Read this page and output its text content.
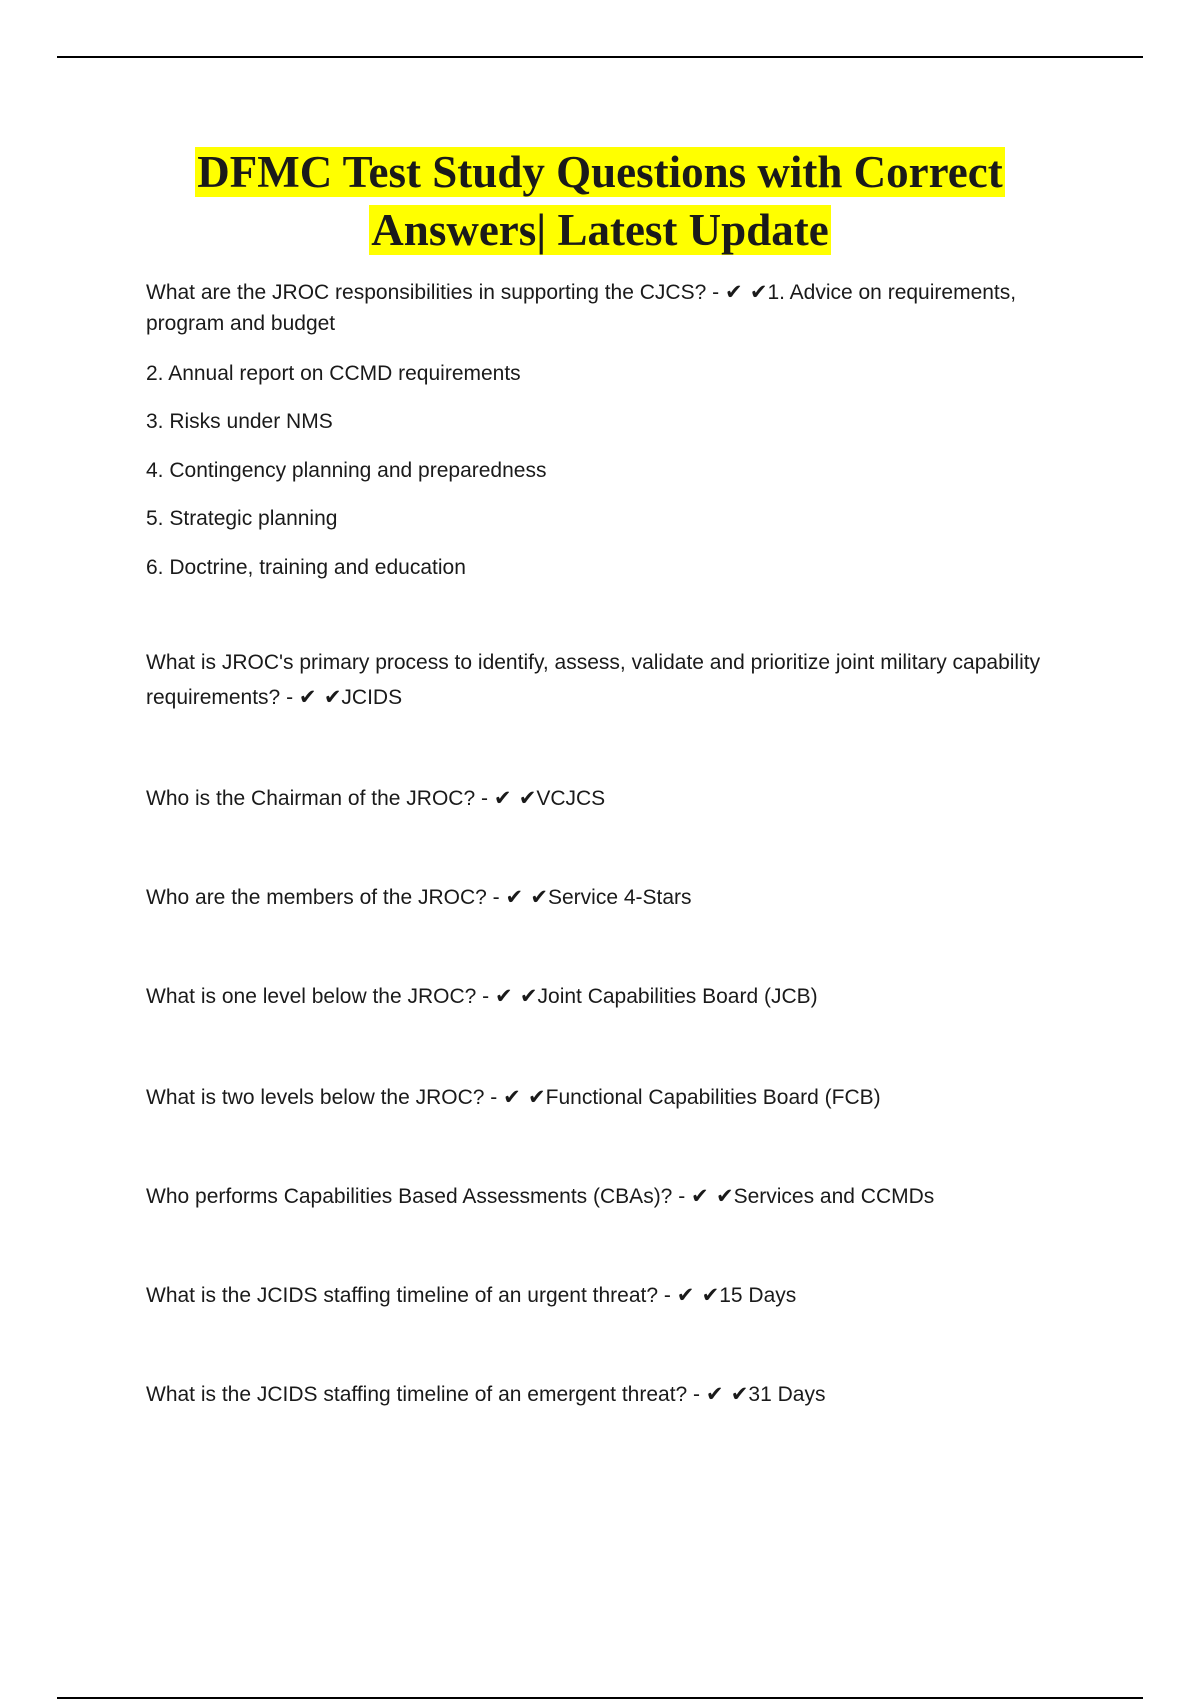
DFMC Test Study Questions with Correct
Answers| Latest Update

What are the JROC responsibilities in supporting the CJCS? - ✔ ✔1. Advice on requirements, program and budget

2. Annual report on CCMD requirements
3. Risks under NMS
4. Contingency planning and preparedness
5. Strategic planning
6. Doctrine, training and education
What is JROC's primary process to identify, assess, validate and prioritize joint military capability requirements? - ✔ ✔JCIDS
Who is the Chairman of the JROC? - ✔ ✔VCJCS
Who are the members of the JROC? - ✔ ✔Service 4-Stars
What is one level below the JROC? - ✔ ✔Joint Capabilities Board (JCB)
What is two levels below the JROC? - ✔ ✔Functional Capabilities Board (FCB)
Who performs Capabilities Based Assessments (CBAs)? - ✔ ✔Services and CCMDs
What is the JCIDS staffing timeline of an urgent threat? - ✔ ✔15 Days
What is the JCIDS staffing timeline of an emergent threat? - ✔ ✔31 Days
